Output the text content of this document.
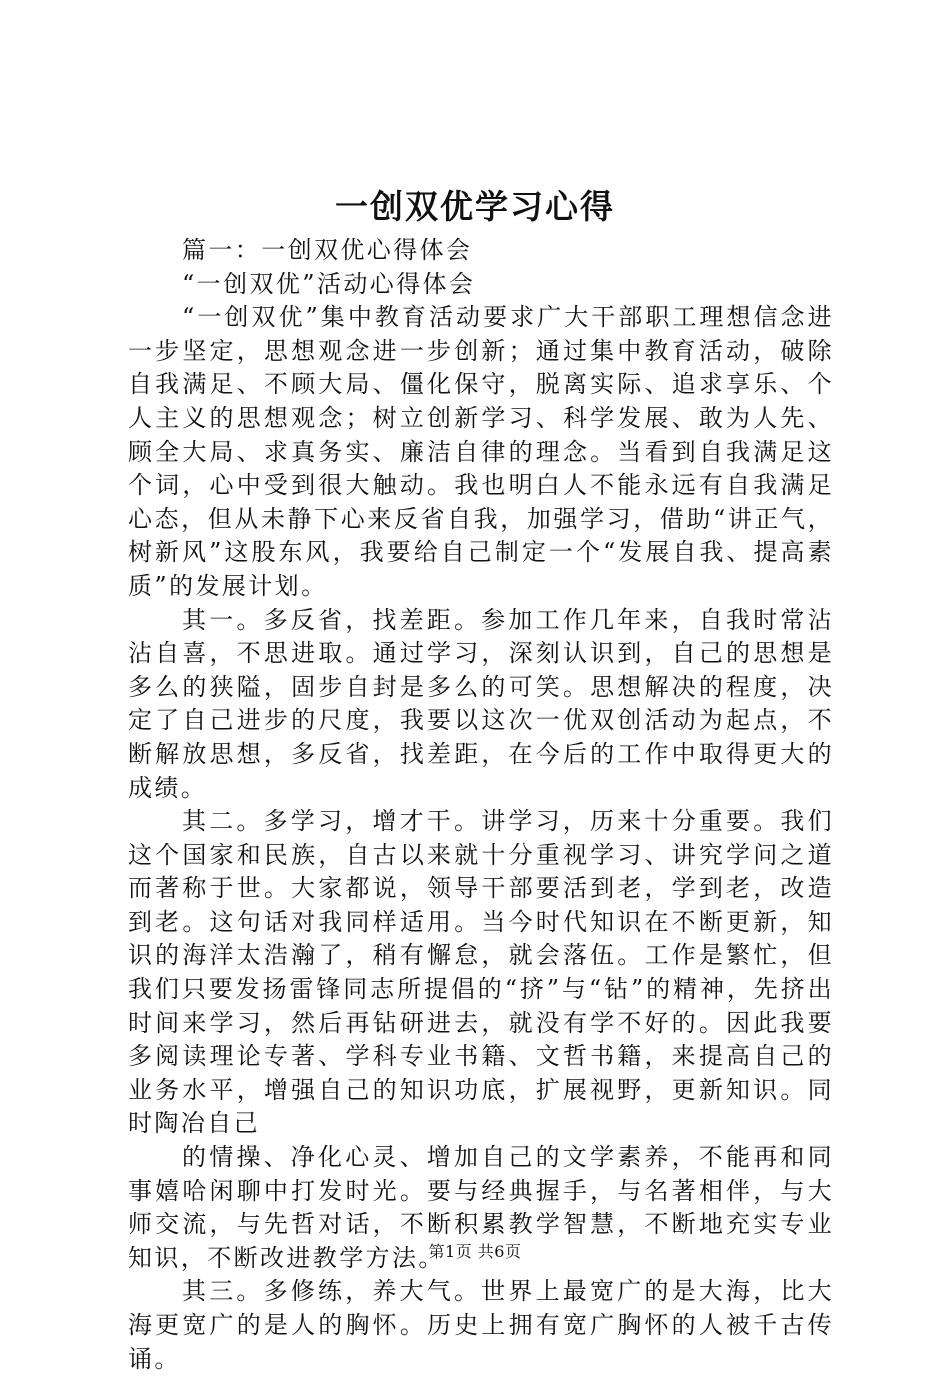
一创双优学习心得

篇一：一创双优心得体会

“一创双优”活动心得体会

“一创双优”集中教育活动要求广大干部职工理想信念进一步坚定，思想观念进一步创新；通过集中教育活动，破除自我满足、不顾大局、僵化保守，脱离实际、追求享乐、个人主义的思想观念；树立创新学习、科学发展、敢为人先、顾全大局、求真务实、廉洁自律的理念。当看到自我满足这个词，心中受到很大触动。我也明白人不能永远有自我满足心态，但从未静下心来反省自我，加强学习，借助“讲正气，树新风”这股东风，我要给自己制定一个“发展自我、提高素质”的发展计划。

其一。多反省，找差距。参加工作几年来，自我时常沾沾自喜，不思进取。通过学习，深刻认识到，自己的思想是多么的狭隘，固步自封是多么的可笑。思想解决的程度，决定了自己进步的尺度，我要以这次一优双创活动为起点，不断解放思想，多反省，找差距，在今后的工作中取得更大的成绩。

其二。多学习，增才干。讲学习，历来十分重要。我们这个国家和民族，自古以来就十分重视学习、讲究学问之道而著称于世。大家都说，领导干部要活到老，学到老，改造到老。这句话对我同样适用。当今时代知识在不断更新，知识的海洋太浩瀚了，稍有懈怠，就会落伍。工作是繁忙，但我们只要发扬雷锋同志所提倡的“挤”与“钻”的精神，先挤出时间来学习，然后再钻研进去，就没有学不好的。因此我要多阅读理论专著、学科专业书籍、文哲书籍，来提高自己的业务水平，增强自己的知识功底，扩展视野，更新知识。同时陶冶自己

的情操、净化心灵、增加自己的文学素养，不能再和同事嬉哈闲聊中打发时光。要与经典握手，与名著相伴，与大师交流，与先哲对话，不断积累教学智慧，不断地充实专业知识，不断改进教学方法。

其三。多修练，养大气。世界上最宽广的是大海，比大海更宽广的是人的胸怀。历史上拥有宽广胸怀的人被千古传诵。

第1页 共6页
